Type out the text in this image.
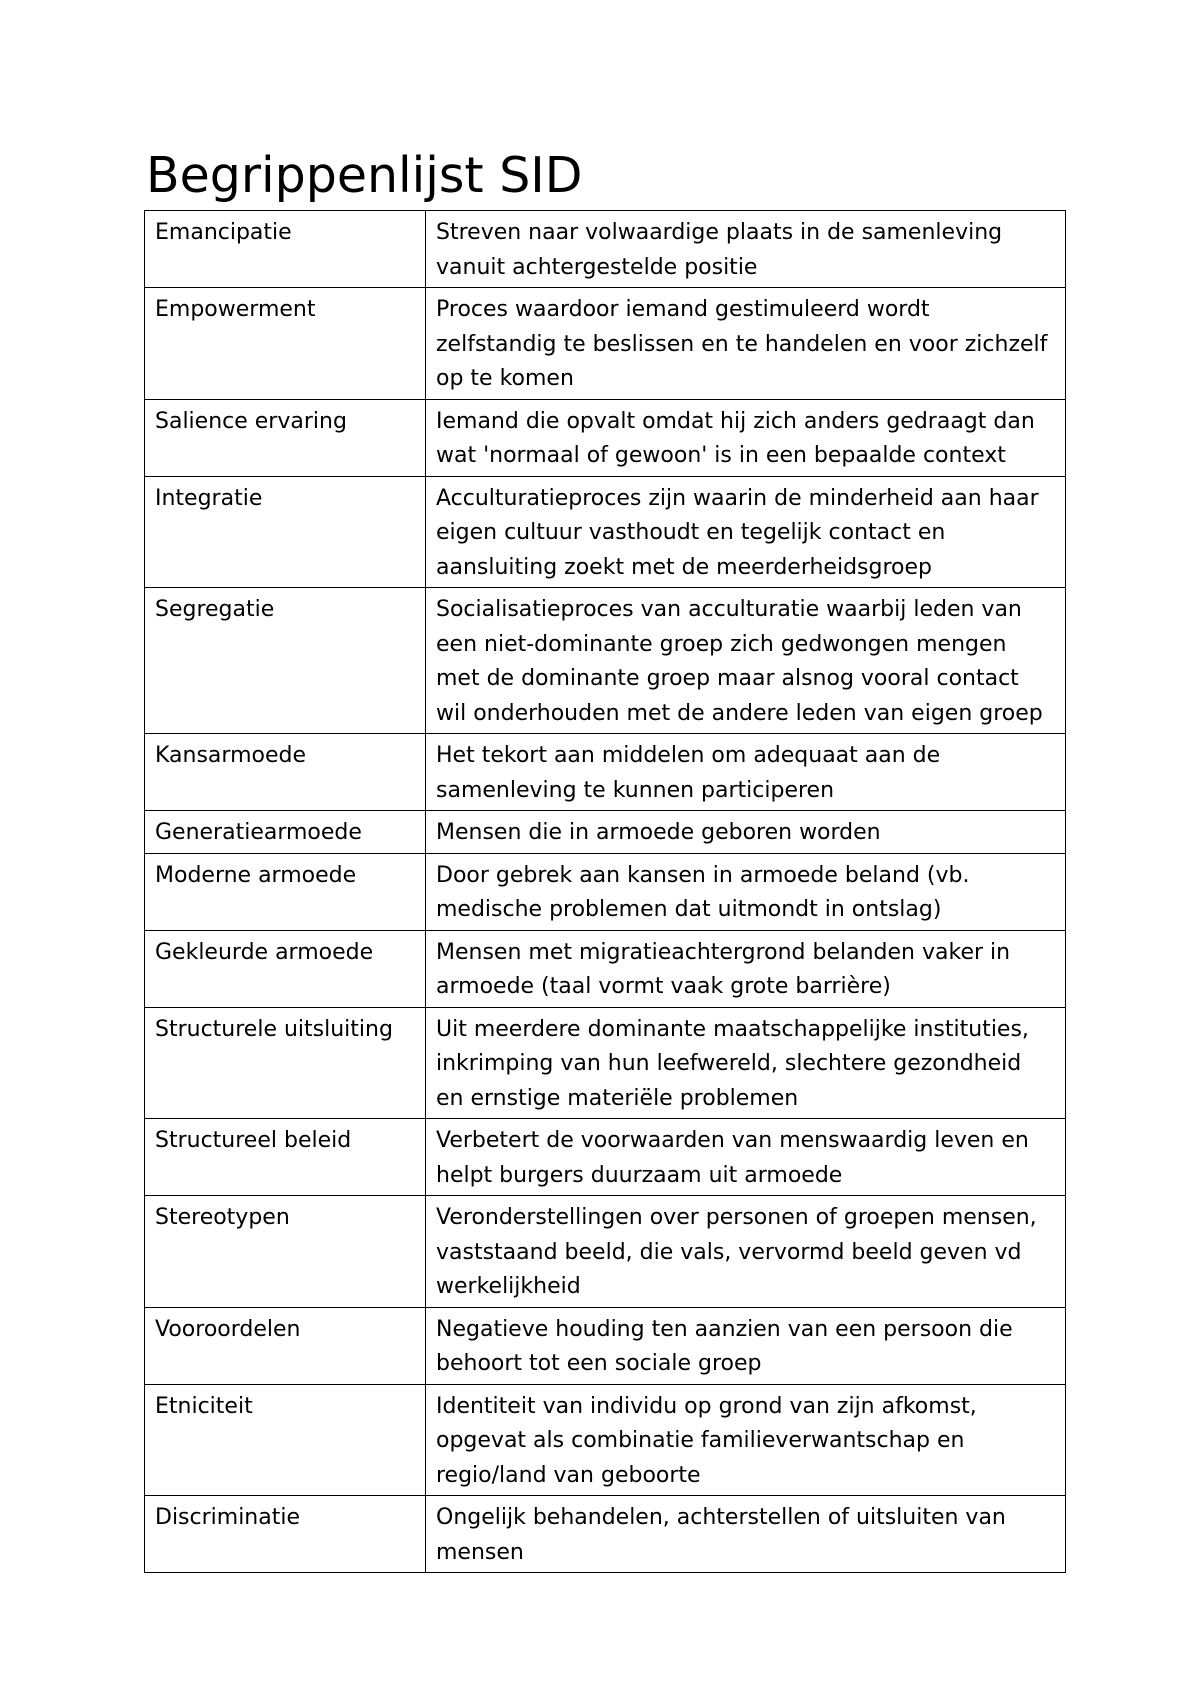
Begrippenlijst SID
Emancipatie	Streven naar volwaardige plaats in de samenleving vanuit achtergestelde positie
Empowerment	Proces waardoor iemand gestimuleerd wordt zelfstandig te beslissen en te handelen en voor zichzelf op te komen
Salience ervaring	Iemand die opvalt omdat hij zich anders gedraagt dan wat 'normaal of gewoon' is in een bepaalde context
Integratie	Acculturatieproces zijn waarin de minderheid aan haar eigen cultuur vasthoudt en tegelijk contact en aansluiting zoekt met de meerderheidsgroep
Segregatie	Socialisatieproces van acculturatie waarbij leden van een niet-dominante groep zich gedwongen mengen met de dominante groep maar alsnog vooral contact wil onderhouden met de andere leden van eigen groep
Kansarmoede	Het tekort aan middelen om adequaat aan de samenleving te kunnen participeren
Generatiearmoede	Mensen die in armoede geboren worden
Moderne armoede	Door gebrek aan kansen in armoede beland (vb. medische problemen dat uitmondt in ontslag)
Gekleurde armoede	Mensen met migratieachtergrond belanden vaker in armoede (taal vormt vaak grote barrière)
Structurele uitsluiting	Uit meerdere dominante maatschappelijke instituties, inkrimping van hun leefwereld, slechtere gezondheid en ernstige materiële problemen
Structureel beleid	Verbetert de voorwaarden van menswaardig leven en helpt burgers duurzaam uit armoede
Stereotypen	Veronderstellingen over personen of groepen mensen, vaststaand beeld, die vals, vervormd beeld geven vd werkelijkheid
Vooroordelen	Negatieve houding ten aanzien van een persoon die behoort tot een sociale groep
Etniciteit	Identiteit van individu op grond van zijn afkomst, opgevat als combinatie familieverwantschap en regio/land van geboorte
Discriminatie	Ongelijk behandelen, achterstellen of uitsluiten van mensen
